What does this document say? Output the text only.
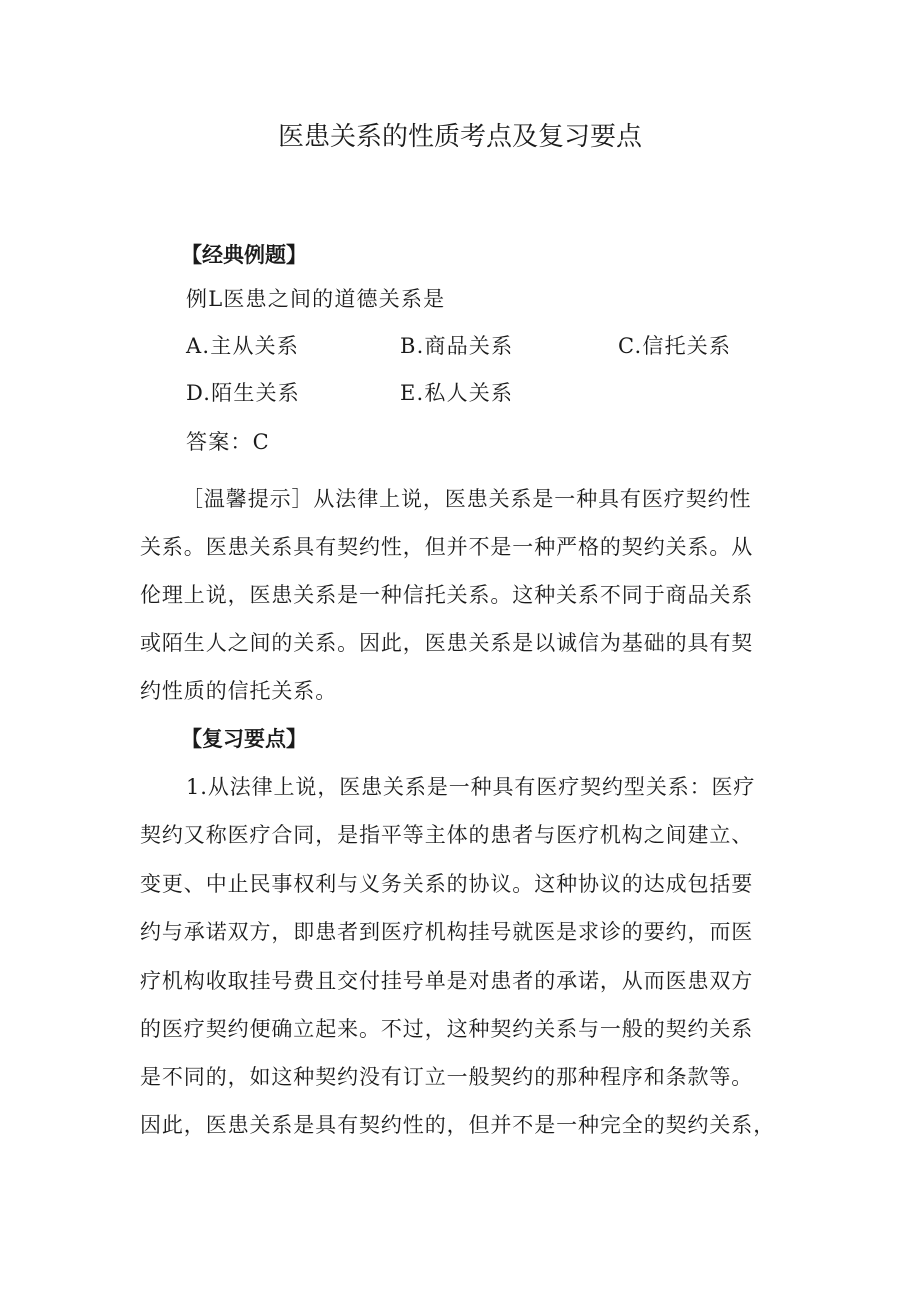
医患关系的性质考点及复习要点
【经典例题】
例L医患之间的道德关系是
A.主从关系	B.商品关系	C.信托关系
D.陌生关系	E.私人关系
答案：C
［温馨提示］从法律上说，医患关系是一种具有医疗契约性
关系。医患关系具有契约性，但并不是一种严格的契约关系。从
伦理上说，医患关系是一种信托关系。这种关系不同于商品关系
或陌生人之间的关系。因此，医患关系是以诚信为基础的具有契
约性质的信托关系。
【复习要点】
1.从法律上说，医患关系是一种具有医疗契约型关系：医疗
契约又称医疗合同，是指平等主体的患者与医疗机构之间建立、
变更、中止民事权利与义务关系的协议。这种协议的达成包括要
约与承诺双方，即患者到医疗机构挂号就医是求诊的要约，而医
疗机构收取挂号费且交付挂号单是对患者的承诺，从而医患双方
的医疗契约便确立起来。不过，这种契约关系与一般的契约关系
是不同的，如这种契约没有订立一般契约的那种程序和条款等。
因此，医患关系是具有契约性的，但并不是一种完全的契约关系，
